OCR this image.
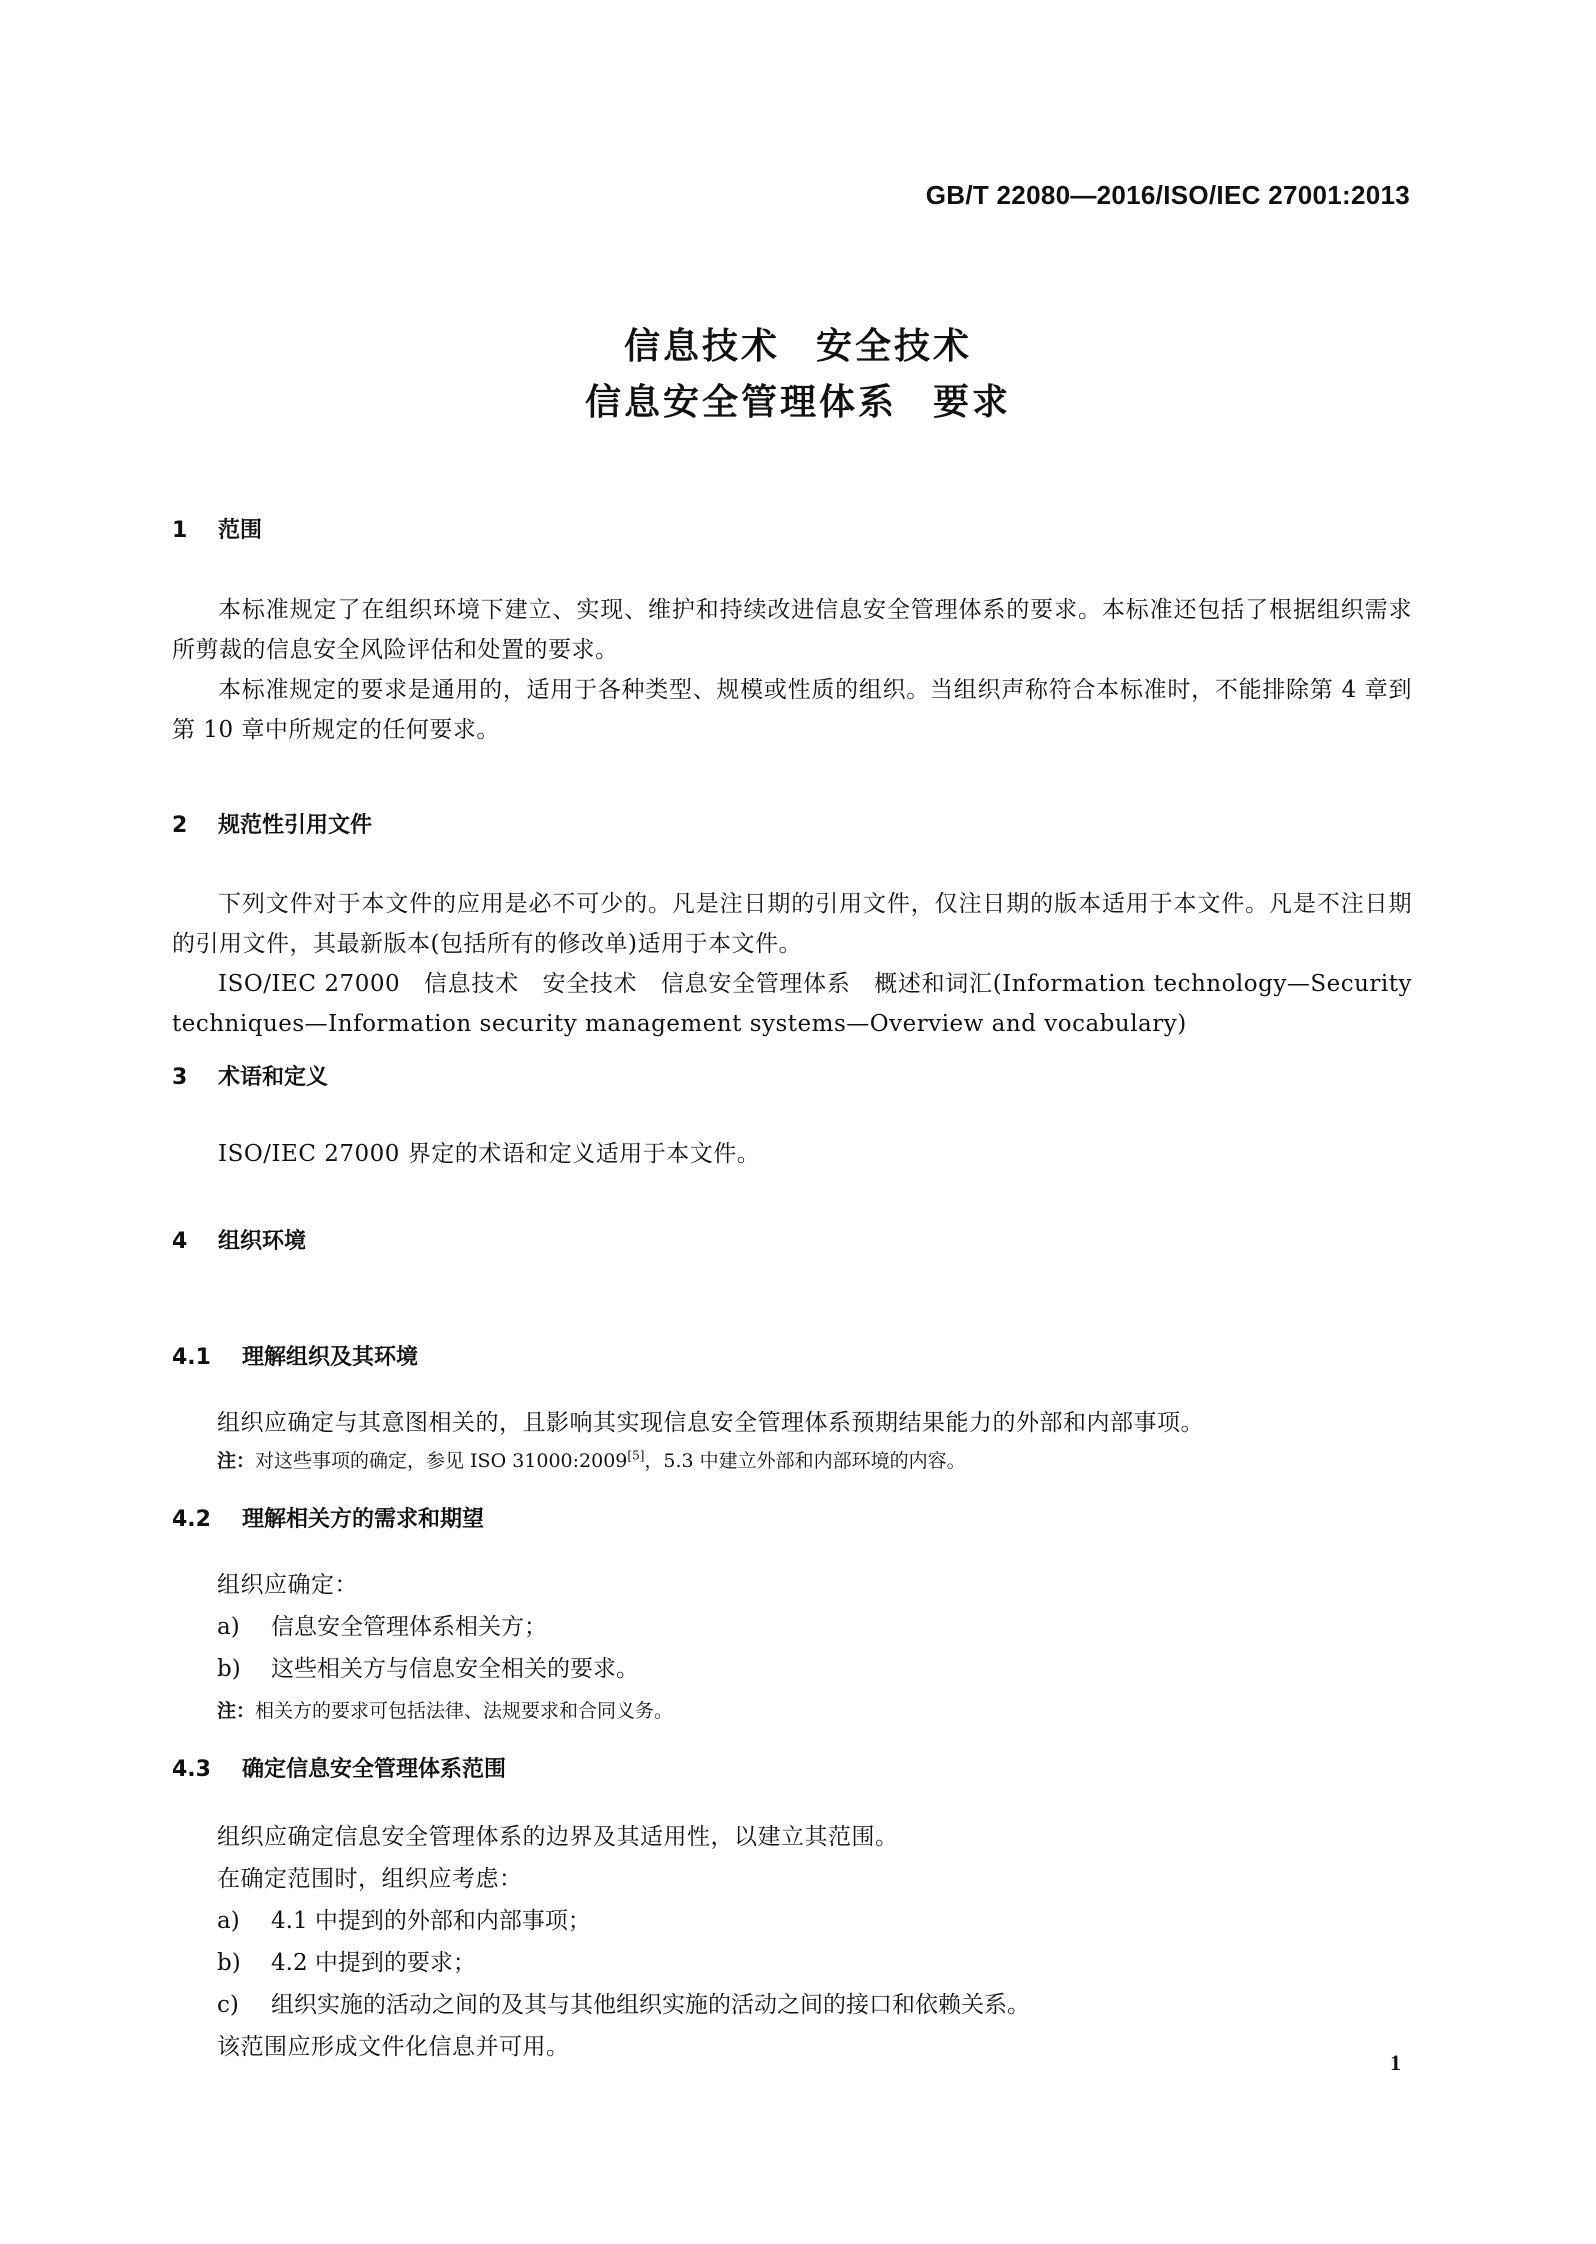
GB/T 22080—2016/ISO/IEC 27001:2013
信息技术 安全技术
信息安全管理体系 要求
1 范围
本标准规定了在组织环境下建立、实现、维护和持续改进信息安全管理体系的要求。本标准还包括了根据组织需求所剪裁的信息安全风险评估和处置的要求。
本标准规定的要求是通用的，适用于各种类型、规模或性质的组织。当组织声称符合本标准时，不能排除第 4 章到第 10 章中所规定的任何要求。
2 规范性引用文件
下列文件对于本文件的应用是必不可少的。凡是注日期的引用文件，仅注日期的版本适用于本文件。凡是不注日期的引用文件，其最新版本(包括所有的修改单)适用于本文件。
ISO/IEC 27000　信息技术　安全技术　信息安全管理体系　概述和词汇(Information technology—Security techniques—Information security management systems—Overview and vocabulary)
3 术语和定义
ISO/IEC 27000 界定的术语和定义适用于本文件。
4 组织环境
4.1 理解组织及其环境
组织应确定与其意图相关的，且影响其实现信息安全管理体系预期结果能力的外部和内部事项。
注：对这些事项的确定，参见 ISO 31000:2009[5]，5.3 中建立外部和内部环境的内容。
4.2 理解相关方的需求和期望
组织应确定：
a) 信息安全管理体系相关方；
b) 这些相关方与信息安全相关的要求。
注：相关方的要求可包括法律、法规要求和合同义务。
4.3 确定信息安全管理体系范围
组织应确定信息安全管理体系的边界及其适用性，以建立其范围。
在确定范围时，组织应考虑：
a) 4.1 中提到的外部和内部事项；
b) 4.2 中提到的要求；
c) 组织实施的活动之间的及其与其他组织实施的活动之间的接口和依赖关系。
该范围应形成文件化信息并可用。
1
